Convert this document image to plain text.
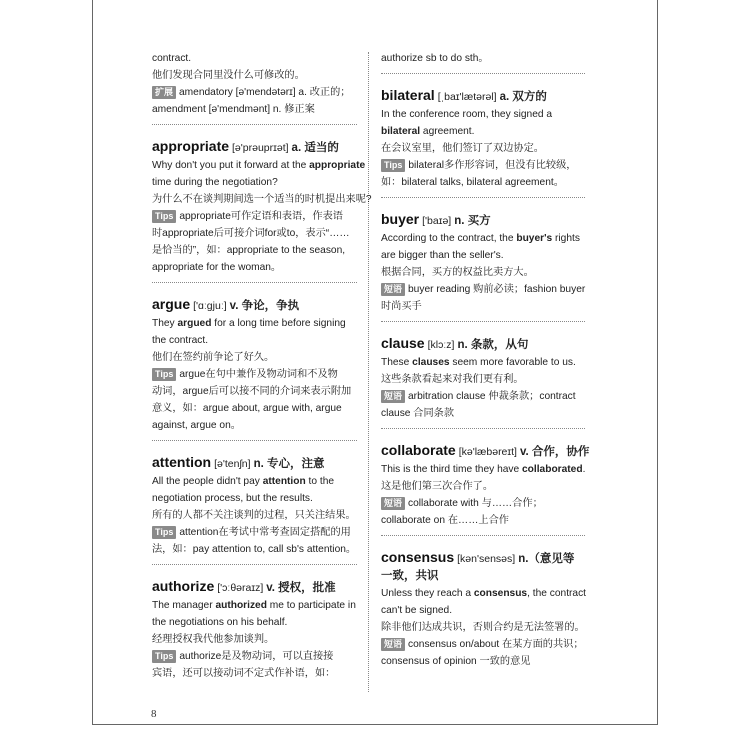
contract.
他们发现合同里没什么可修改的。
扩展 amendatory [ə'mendətərɪ] a. 改正的；
amendment [ə'mendmənt] n. 修正案
appropriate [ə'prəuprɪət] a. 适当的
Why don't you put it forward at the appropriate
time during the negotiation?
为什么不在谈判期间选一个适当的时机提出来呢?
Tips appropriate可作定语和表语，作表语
时appropriate后可接介词for或to，表示“……
是恰当的”，如：appropriate to the season,
appropriate for the woman。
argue ['ɑːgjuː] v. 争论，争执
They argued for a long time before signing
the contract.
他们在签约前争论了好久。
Tips argue在句中兼作及物动词和不及物
动词，argue后可以接不同的介词来表示附加
意义，如：argue about, argue with, argue
against, argue on。
attention [ə'tenʃn] n. 专心，注意
All the people didn't pay attention to the
negotiation process, but the results.
所有的人都不关注谈判的过程，只关注结果。
Tips attention在考试中常考查固定搭配的用
法，如：pay attention to, call sb's attention。
authorize ['ɔːθəraɪz] v. 授权，批准
The manager authorized me to participate in
the negotiations on his behalf.
经理授权我代他参加谈判。
Tips authorize是及物动词，可以直接接
宾语，还可以接动词不定式作补语，如：
authorize sb to do sth。
bilateral [ˌbaɪ'lætərəl] a. 双方的
In the conference room, they signed a
bilateral agreement.
在会议室里，他们签订了双边协定。
Tips bilateral多作形容词，但没有比较级，
如：bilateral talks, bilateral agreement。
buyer ['baɪə] n. 买方
According to the contract, the buyer's rights
are bigger than the seller's.
根据合同，买方的权益比卖方大。
短语 buyer reading 购前必读；fashion buyer
时尚买手
clause [klɔːz] n. 条款，从句
These clauses seem more favorable to us.
这些条款看起来对我们更有利。
短语 arbitration clause 仲裁条款；contract
clause 合同条款
collaborate [kə'læbəreɪt] v. 合作，协作
This is the third time they have collaborated.
这是他们第三次合作了。
短语 collaborate with 与……合作；
collaborate on 在……上合作
consensus [kən'sensəs] n.（意见等
一致，共识
Unless they reach a consensus, the contract
can't be signed.
除非他们达成共识，否则合约是无法签署的。
短语 consensus on/about 在某方面的共识；
consensus of opinion 一致的意见
8
